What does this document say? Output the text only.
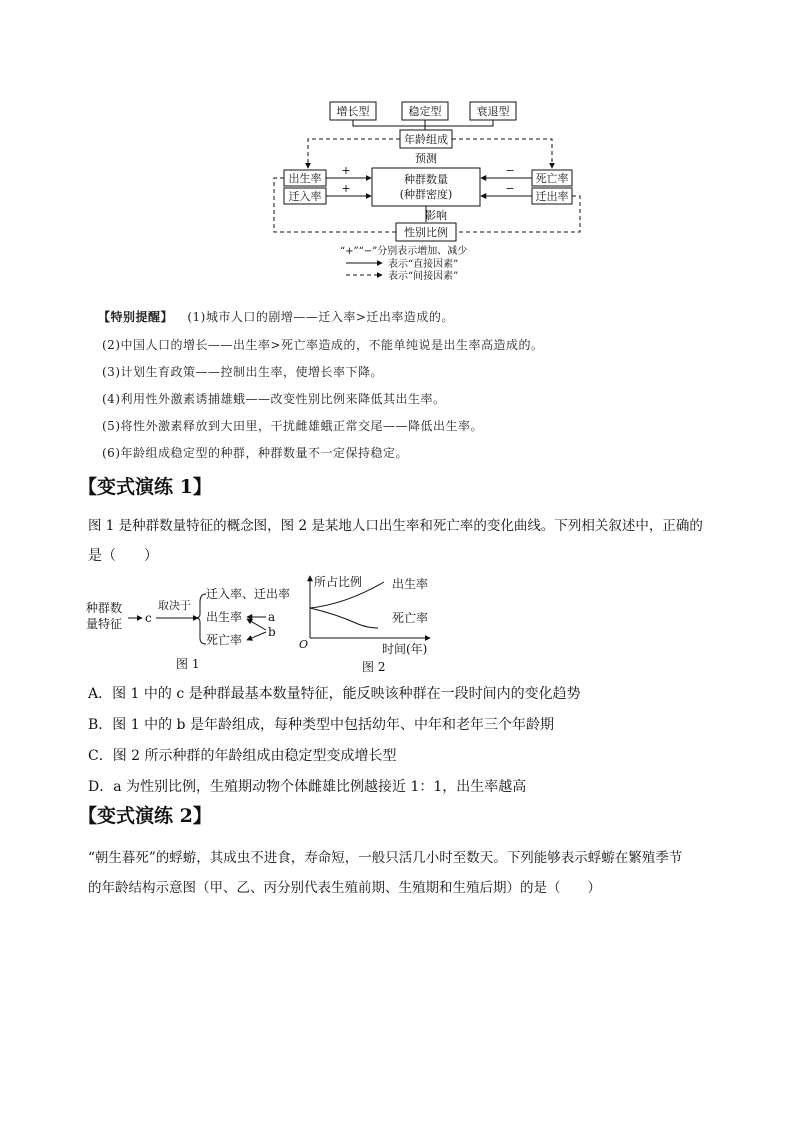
增长型	稳定型	衰退型
年龄组成
预测
出生率
迁入率
种群数量
(种群密度)
死亡率
迁出率
+
+
−
−
影响
性别比例
“+”“−”分别表示增加、减少
表示“直接因素”
表示“间接因素”
【特别提醒】 (1)城市人口的剧增——迁入率>迁出率造成的。
(2)中国人口的增长——出生率>死亡率造成的，不能单纯说是出生率高造成的。
(3)计划生育政策——控制出生率，使增长率下降。
(4)利用性外激素诱捕雄蛾——改变性别比例来降低其出生率。
(5)将性外激素释放到大田里，干扰雌雄蛾正常交尾——降低出生率。
(6)年龄组成稳定型的种群，种群数量不一定保持稳定。
【变式演练 1】
图 1 是种群数量特征的概念图，图 2 是某地人口出生率和死亡率的变化曲线。下列相关叙述中，正确的
是（　　）
种群数
量特征 c
取决于
迁入率、迁出率
出生率
死亡率
a
b
图 1
所占比例
O	时间(年)
出生率
死亡率
图 2
A．图 1 中的 c 是种群最基本数量特征，能反映该种群在一段时间内的变化趋势
B．图 1 中的 b 是年龄组成，每种类型中包括幼年、中年和老年三个年龄期
C．图 2 所示种群的年龄组成由稳定型变成增长型
D．a 为性别比例，生殖期动物个体雌雄比例越接近 1：1，出生率越高
【变式演练 2】
“朝生暮死”的蜉蝣，其成虫不进食，寿命短，一般只活几小时至数天。下列能够表示蜉蝣在繁殖季节
的年龄结构示意图（甲、乙、丙分别代表生殖前期、生殖期和生殖后期）的是（　　）
